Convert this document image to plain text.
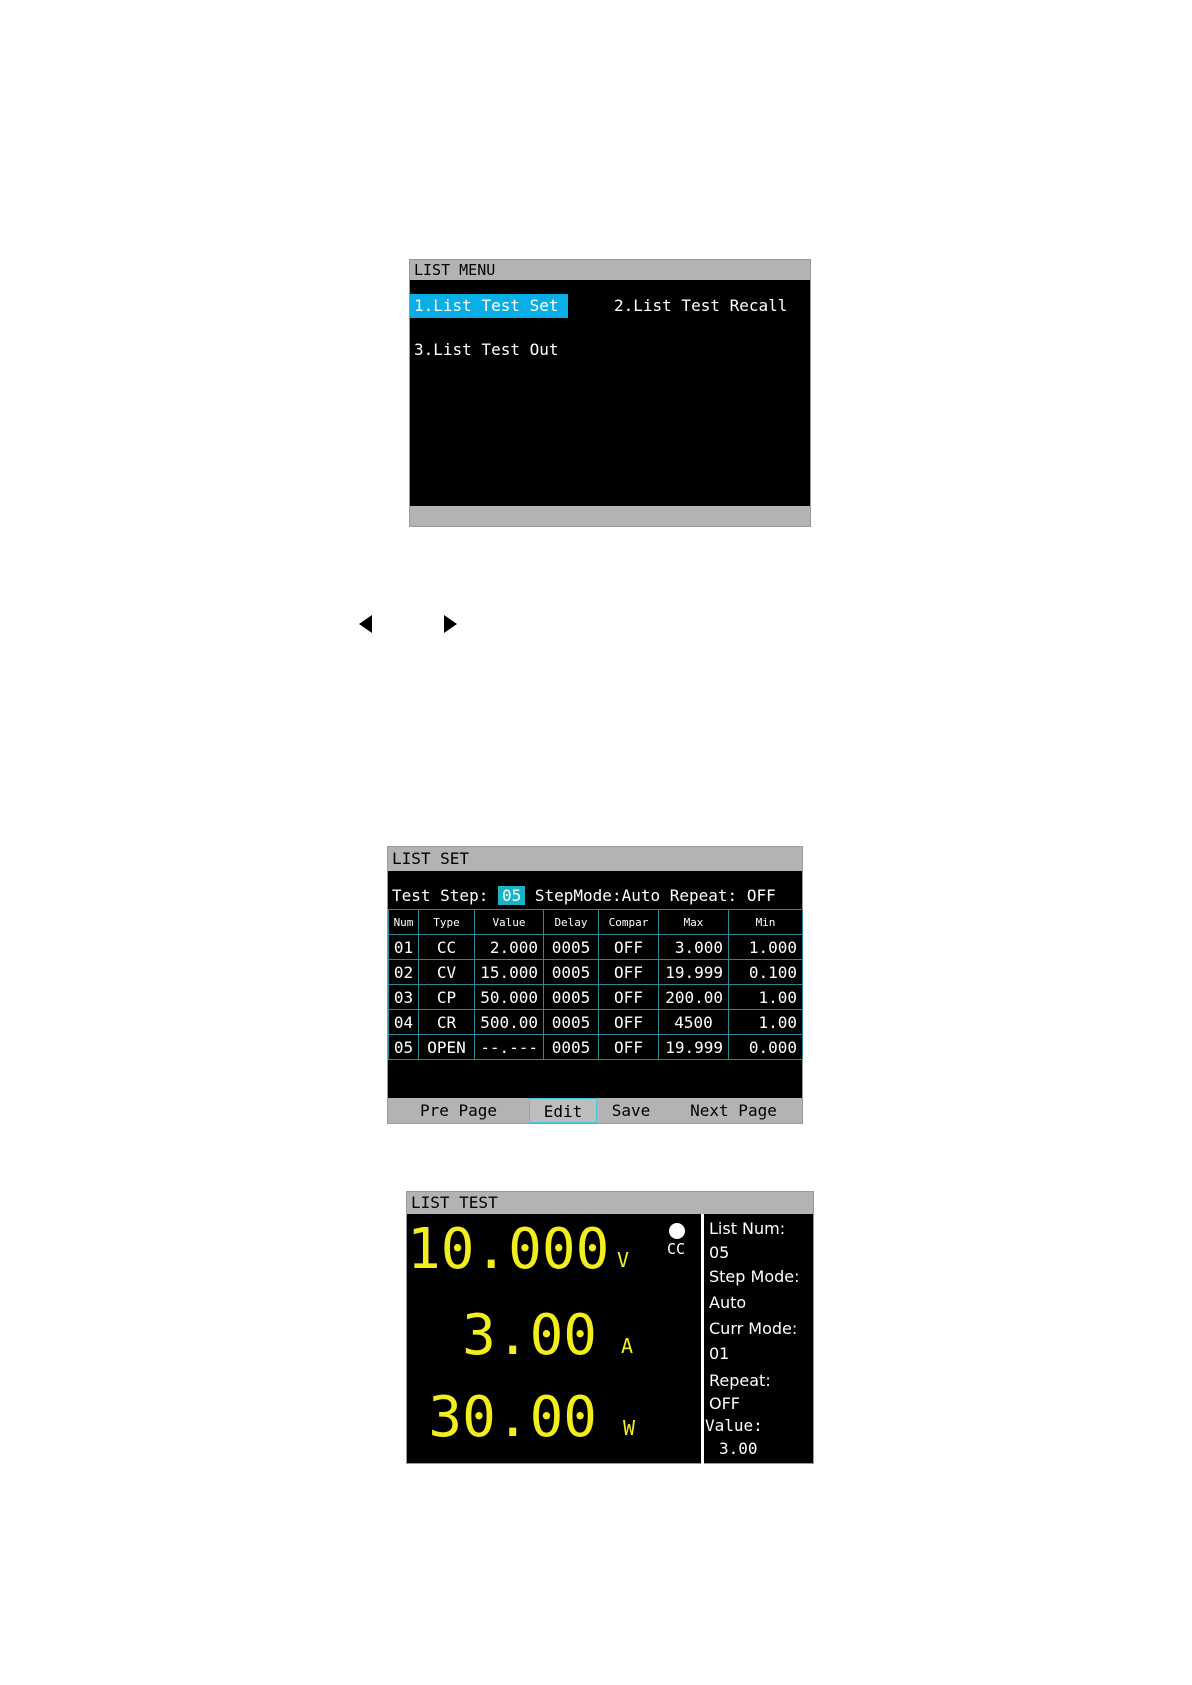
LIST MENU
1.List Test Set	2.List Test Recall
3.List Test Out
LIST SET
Test Step: 05 StepMode:Auto Repeat: OFF
Num	Type	Value	Delay	Compar	Max	Min
01	CC	2.000	0005	OFF	3.000	1.000
02	CV	15.000	0005	OFF	19.999	0.100
03	CP	50.000	0005	OFF	200.00	1.00
04	CR	500.00	0005	OFF	4500	1.00
05	OPEN	--.---	0005	OFF	19.999	0.000
Pre Page	Edit	Save	Next Page
LIST TEST
10.000 V
3.00 A
30.00 W
CC
List Num:
05
Step Mode:
Auto
Curr Mode:
01
Repeat:
OFF
Value:
3.00
